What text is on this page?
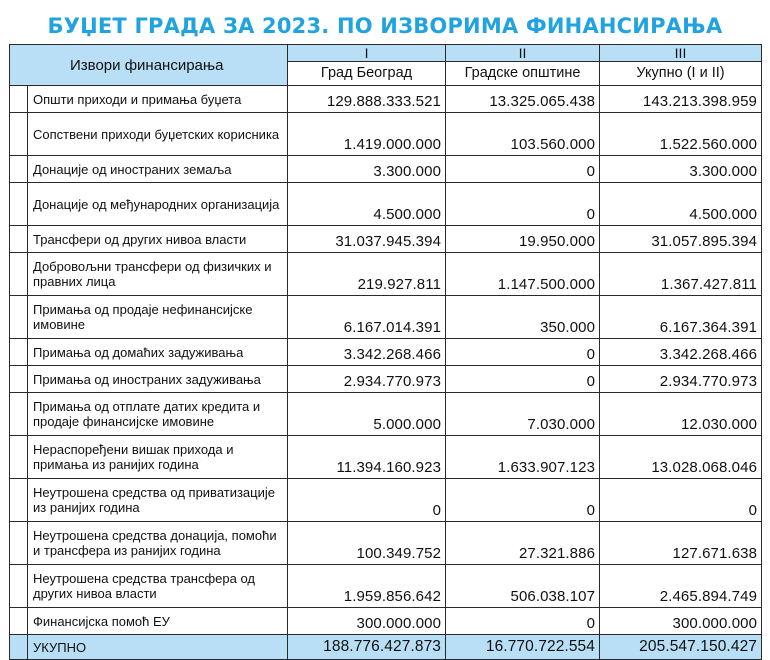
БУЏЕТ ГРАДА ЗА 2023. ПО ИЗВОРИМА ФИНАНСИРАЊА
Извори финансирања		I	II	III
		Град Београд	Градске општине	Укупно (I и II)
	Општи приходи и примања буџета	129.888.333.521	13.325.065.438	143.213.398.959
	Сопствени приходи буџетских корисника	1.419.000.000	103.560.000	1.522.560.000
	Донације од иностраних земаља	3.300.000	0	3.300.000
	Донације од међународних организација	4.500.000	0	4.500.000
	Трансфери од других нивоа власти	31.037.945.394	19.950.000	31.057.895.394
	Добровољни трансфери од физичких и правних лица	219.927.811	1.147.500.000	1.367.427.811
	Примања од продаје нефинансијске имовине	6.167.014.391	350.000	6.167.364.391
	Примања од домаћих задуживања	3.342.268.466	0	3.342.268.466
	Примања од иностраних задуживања	2.934.770.973	0	2.934.770.973
	Примања од отплате датих кредита и продаје финансијске имовине	5.000.000	7.030.000	12.030.000
	Нераспоређени вишак прихода и примања из ранијих година	11.394.160.923	1.633.907.123	13.028.068.046
	Неутрошена средства од приватизације из ранијих година	0	0	0
	Неутрошена средства донација, помоћи и трансфера из ранијих година	100.349.752	27.321.886	127.671.638
	Неутрошена средства трансфера од других нивоа власти	1.959.856.642	506.038.107	2.465.894.749
	Финансијска помоћ ЕУ	300.000.000	0	300.000.000
	УКУПНО	188.776.427.873	16.770.722.554	205.547.150.427
